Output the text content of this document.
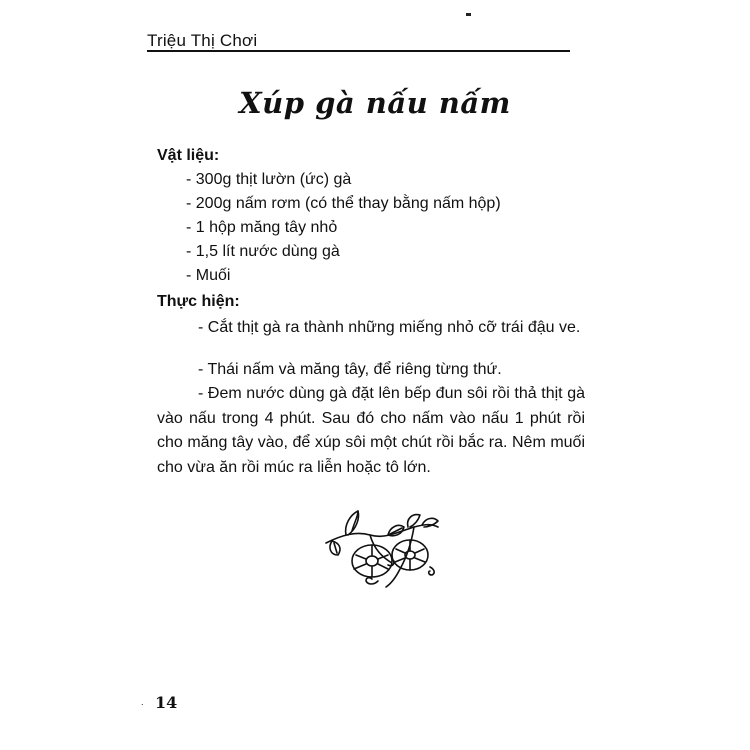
Triệu Thị Chơi
Xúp gà nấu nấm
Vật liệu:
- 300g thịt lườn (ức) gà
- 200g nấm rơm (có thể thay bằng nấm hộp)
- 1 hộp măng tây nhỏ
- 1,5 lít nước dùng gà
- Muối
Thực hiện:
- Cắt thịt gà ra thành những miếng nhỏ cỡ trái đậu ve.
- Thái nấm và măng tây, để riêng từng thứ.
- Đem nước dùng gà đặt lên bếp đun sôi rồi thả thịt gà vào nấu trong 4 phút. Sau đó cho nấm vào nấu 1 phút rồi cho măng tây vào, để xúp sôi một chút rồi bắc ra. Nêm muối cho vừa ăn rồi múc ra liễn hoặc tô lớn.
. 14
